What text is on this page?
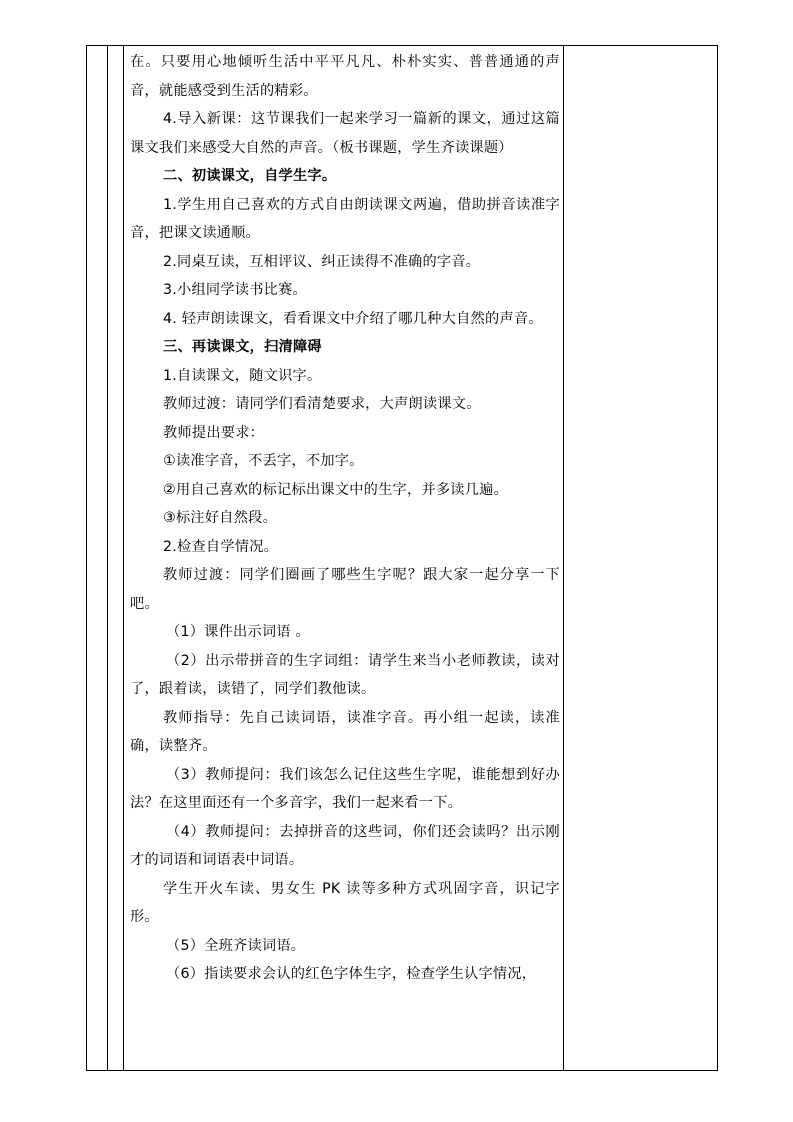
在。只要用心地倾听生活中平平凡凡、朴朴实实、普普通通的声音，就能感受到生活的精彩。

4.导入新课：这节课我们一起来学习一篇新的课文，通过这篇课文我们来感受大自然的声音。（板书课题，学生齐读课题）

二、初读课文，自学生字。

1.学生用自己喜欢的方式自由朗读课文两遍，借助拼音读准字音，把课文读通顺。

2.同桌互读，互相评议、纠正读得不准确的字音。

3.小组同学读书比赛。

4. 轻声朗读课文，看看课文中介绍了哪几种大自然的声音。

三、再读课文，扫清障碍

1.自读课文，随文识字。

教师过渡：请同学们看清楚要求，大声朗读课文。

教师提出要求：

①读准字音，不丢字，不加字。

②用自己喜欢的标记标出课文中的生字，并多读几遍。

③标注好自然段。

2.检查自学情况。

教师过渡：同学们圈画了哪些生字呢？跟大家一起分享一下吧。

（1）课件出示词语 。

（2）出示带拼音的生字词组：请学生来当小老师教读，读对了，跟着读，读错了，同学们教他读。

教师指导：先自己读词语，读准字音。再小组一起读，读准确，读整齐。

（3）教师提问：我们该怎么记住这些生字呢，谁能想到好办法？在这里面还有一个多音字，我们一起来看一下。

（4）教师提问：去掉拼音的这些词，你们还会读吗？出示刚才的词语和词语表中词语。

学生开火车读、男女生 PK 读等多种方式巩固字音，识记字形。

（5）全班齐读词语。

（6）指读要求会认的红色字体生字，检查学生认字情况，
